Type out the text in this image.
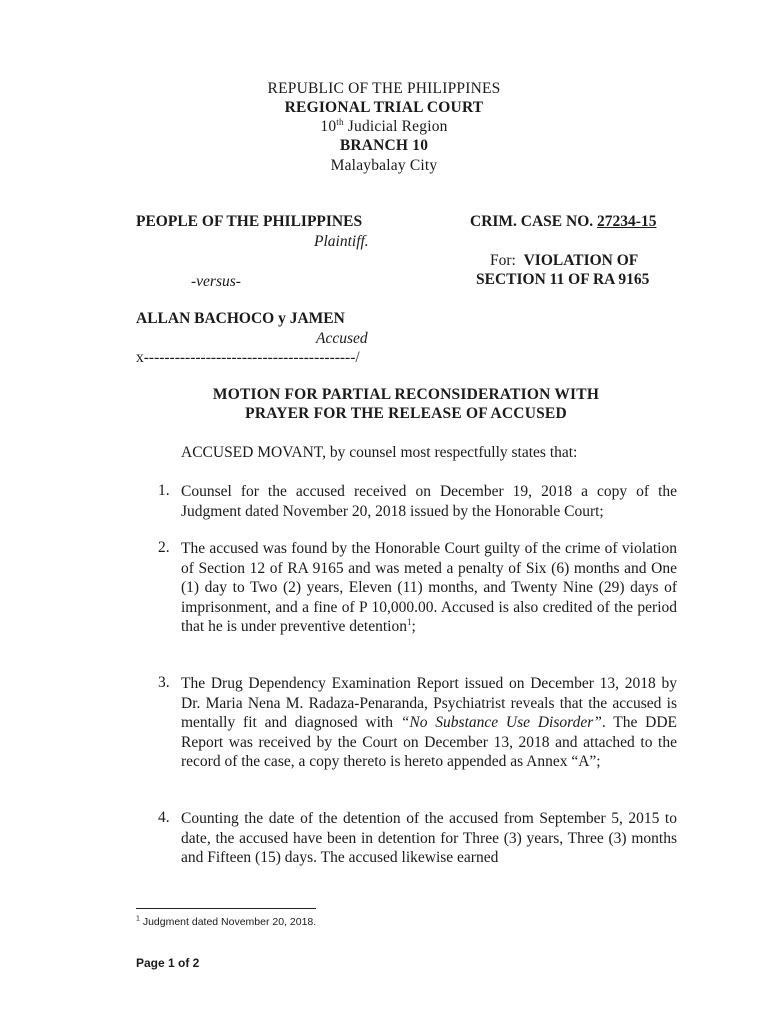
REPUBLIC OF THE PHILIPPINES
REGIONAL TRIAL COURT
10th Judicial Region
BRANCH 10
Malaybalay City
PEOPLE OF THE PHILIPPINES
Plaintiff.
-versus-
ALLAN BACHOCO y JAMEN
Accused
x-----------------------------------------/
CRIM. CASE NO. 27234-15
For: VIOLATION OF
SECTION 11 OF RA 9165
MOTION FOR PARTIAL RECONSIDERATION WITH
PRAYER FOR THE RELEASE OF ACCUSED
ACCUSED MOVANT, by counsel most respectfully states that:
1. Counsel for the accused received on December 19, 2018 a copy of the Judgment dated November 20, 2018 issued by the Honorable Court;
2. The accused was found by the Honorable Court guilty of the crime of violation of Section 12 of RA 9165 and was meted a penalty of Six (6) months and One (1) day to Two (2) years, Eleven (11) months, and Twenty Nine (29) days of imprisonment, and a fine of P 10,000.00. Accused is also credited of the period that he is under preventive detention$^1$;
3. The Drug Dependency Examination Report issued on December 13, 2018 by Dr. Maria Nena M. Radaza-Penaranda, Psychiatrist reveals that the accused is mentally fit and diagnosed with “No Substance Use Disorder”. The DDE Report was received by the Court on December 13, 2018 and attached to the record of the case, a copy thereto is hereto appended as Annex “A”;
4. Counting the date of the detention of the accused from September 5, 2015 to date, the accused have been in detention for Three (3) years, Three (3) months and Fifteen (15) days. The accused likewise earned
$^1$ Judgment dated November 20, 2018.
Page 1 of 2
